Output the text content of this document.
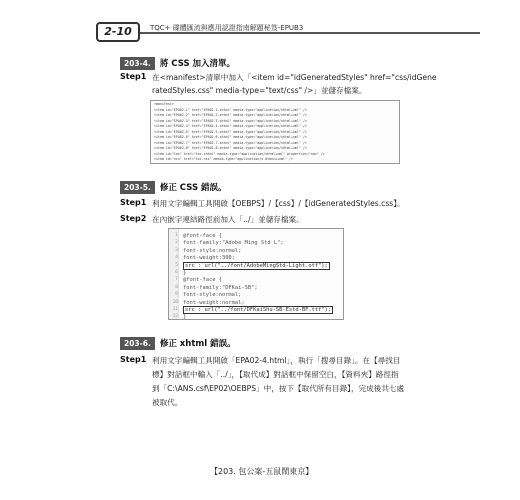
2-10	TQC+ 碟體匯流與應用認證指南解題秘笈-EPUB3
203-4.	將 CSS 加入清單。
Step1 在<manifest>清單中加入「<item id="idGeneratedStyles" href="css/idGene
ratedStyles.css" media-type="text/css" />」並儲存檔案。
<manifest>
<item id="EPA02-1" href="EPA02-1.xhtml" media-type="application/xhtml+xml" />
<item id="EPA02-2" href="EPA02-2.xhtml" media-type="application/xhtml+xml" />
<item id="EPA02-3" href="EPA02-3.xhtml" media-type="application/xhtml+xml" />
<item id="EPA02-4" href="EPA02-4.xhtml" media-type="application/xhtml+xml" />
<item id="EPA02-5" href="EPA02-5.xhtml" media-type="application/xhtml+xml" />
<item id="EPA02-6" href="EPA02-6.xhtml" media-type="application/xhtml+xml" />
<item id="EPA02-7" href="EPA02-7.xhtml" media-type="application/xhtml+xml" />
<item id="EPA02-8" href="EPA02-8.xhtml" media-type="application/xhtml+xml" />
<item id="toc" href="toc.xhtml" media-type="application/xhtml+xml" properties="nav" />
<item id="ncx" href="toc.ncx" media-type="application/x-dtbncx+xml" />
203-5.	修正 CSS 錯誤。
Step1 利用文字編輯工具開啟【OEBPS】/【css】/【idGeneratedStyles.css】。
Step2 在內嵌字連結路徑前加入「../」並儲存檔案。
1 @font-face {
2 font-family:"Adobe Ming Std L";
3 font-style:normal;
4 font-weight:300;
5	src : url("../font/AdobeMingStd-Light.otf");
6 }
7 @font-face {
8 font-family:"DFKai-SB";
9 font-style:normal;
10 font-weight:normal;
11	src : url("../font/DFKaiShu-SB-Estd-BF.ttf");
12 }
203-6.	修正 xhtml 錯誤。
Step1 利用文字編輯工具開啟「EPA02-4.html」，執行「搜尋目錄」。在【尋找目
標】對話框中輸入「../」，【取代成】對話框中保留空白，【資料夾】路徑指
到「C:\ANS.csf\EP02\OEBPS」中，按下【取代所有目錄】，完成後共七處
被取代。
【203. 包公案-五鼠鬧東京】
